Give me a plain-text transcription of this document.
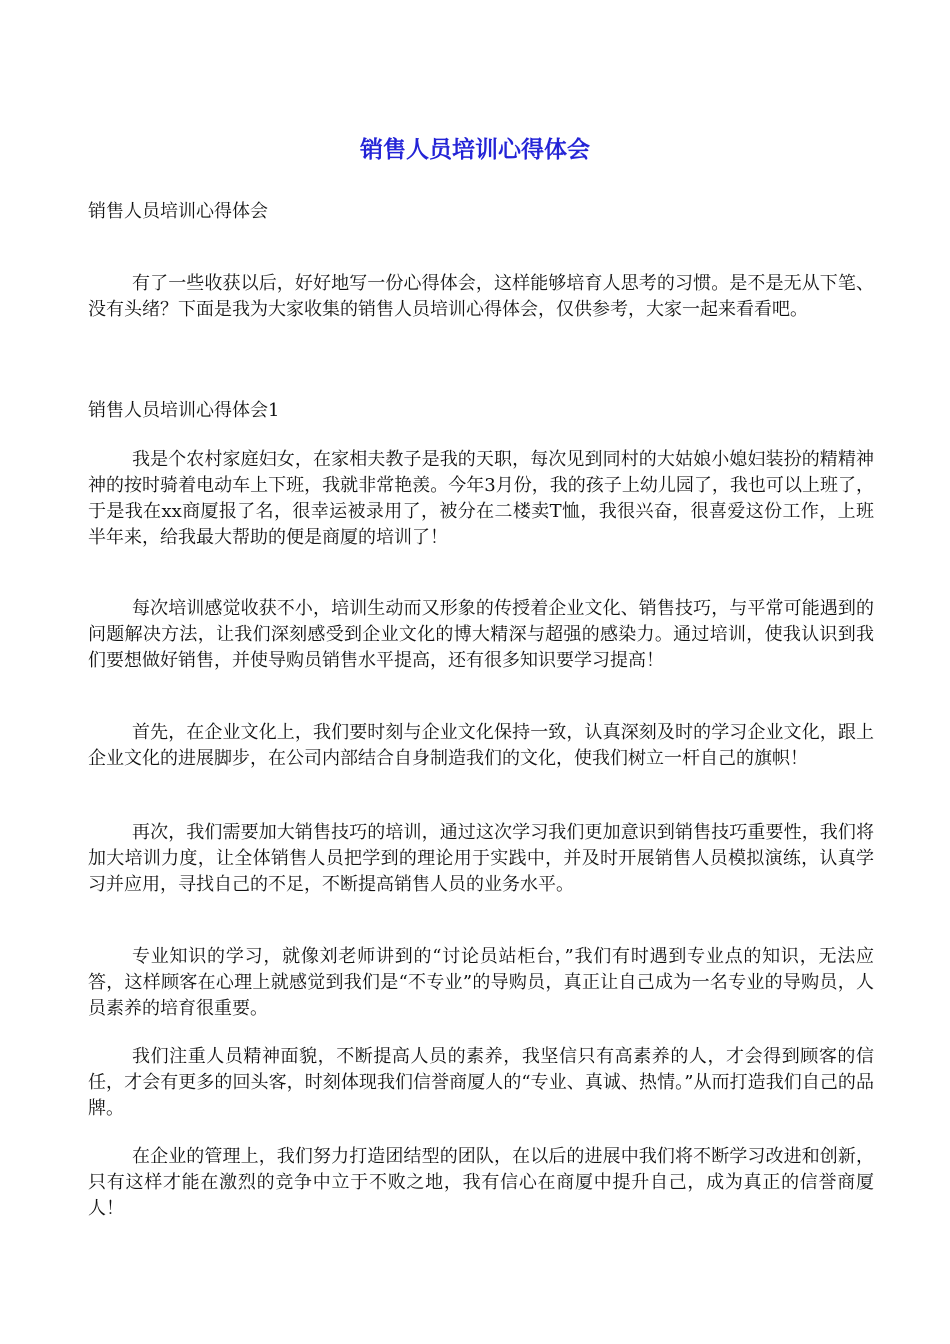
销售人员培训心得体会

销售人员培训心得体会

有了一些收获以后，好好地写一份心得体会，这样能够培育人思考的习惯。是不是无从下笔、没有头绪？下面是我为大家收集的销售人员培训心得体会，仅供参考，大家一起来看看吧。

销售人员培训心得体会1

我是个农村家庭妇女，在家相夫教子是我的天职，每次见到同村的大姑娘小媳妇装扮的精精神神的按时骑着电动车上下班，我就非常艳羡。今年3月份，我的孩子上幼儿园了，我也可以上班了，于是我在xx商厦报了名，很幸运被录用了，被分在二楼卖T恤，我很兴奋，很喜爱这份工作，上班半年来，给我最大帮助的便是商厦的培训了！

每次培训感觉收获不小，培训生动而又形象的传授着企业文化、销售技巧，与平常可能遇到的问题解决方法，让我们深刻感受到企业文化的博大精深与超强的感染力。通过培训，使我认识到我们要想做好销售，并使导购员销售水平提高，还有很多知识要学习提高！

首先，在企业文化上，我们要时刻与企业文化保持一致，认真深刻及时的学习企业文化，跟上企业文化的进展脚步，在公司内部结合自身制造我们的文化，使我们树立一杆自己的旗帜！

再次，我们需要加大销售技巧的培训，通过这次学习我们更加意识到销售技巧重要性，我们将加大培训力度，让全体销售人员把学到的理论用于实践中，并及时开展销售人员模拟演练，认真学习并应用，寻找自己的不足，不断提高销售人员的业务水平。

专业知识的学习，就像刘老师讲到的“讨论员站柜台，”我们有时遇到专业点的知识，无法应答，这样顾客在心理上就感觉到我们是“不专业”的导购员，真正让自己成为一名专业的导购员，人员素养的培育很重要。

我们注重人员精神面貌，不断提高人员的素养，我坚信只有高素养的人，才会得到顾客的信任，才会有更多的回头客，时刻体现我们信誉商厦人的“专业、真诚、热情。”从而打造我们自己的品牌。

在企业的管理上，我们努力打造团结型的团队，在以后的进展中我们将不断学习改进和创新，只有这样才能在激烈的竞争中立于不败之地，我有信心在商厦中提升自己，成为真正的信誉商厦人！
